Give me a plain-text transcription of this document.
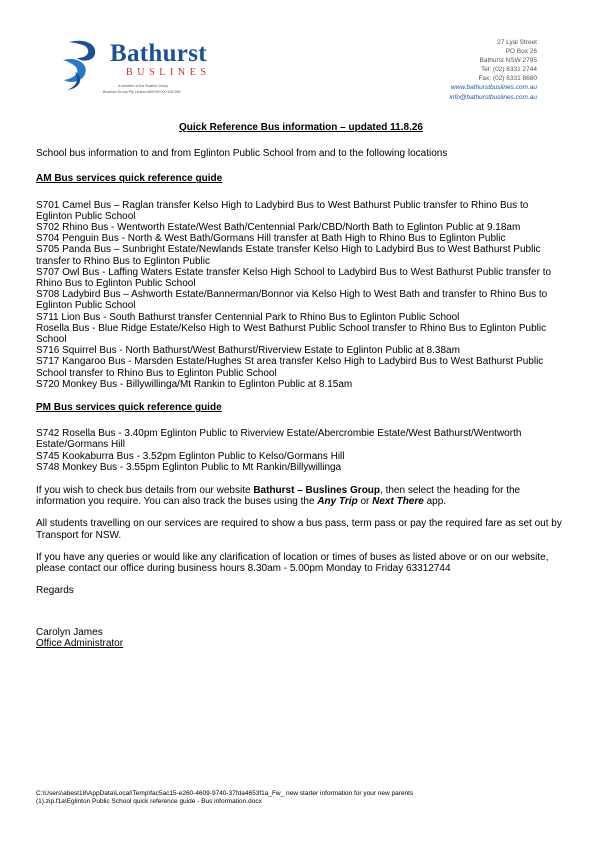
Bathurst
BUSLINES
A member of the Busline Group
Buslines Group Pty Limited ABN 99 000 518 289
27 Lyal Street
PO Box 26
Bathurst NSW 2795
Tel: (02) 6331 2744
Fax: (02) 6331 8680
www.bathurstbuslines.com.au
info@bathurstbuslines.com.au

Quick Reference Bus information – updated 11.8.26

School bus information to and from Eglinton Public School from and to the following locations

AM Bus services quick reference guide

S701 Camel Bus – Raglan transfer Kelso High to Ladybird Bus to West Bathurst Public transfer to Rhino Bus to Eglinton Public School

S702 Rhino Bus - Wentworth Estate/West Bath/Centennial Park/CBD/North Bath to Eglinton Public at 9.18am

S704 Penguin Bus - North & West Bath/Gormans Hill transfer at Bath High to Rhino Bus to Eglinton Public

S705 Panda Bus – Sunbright Estate/Newlands Estate transfer Kelso High to Ladybird Bus to West Bathurst Public transfer to Rhino Bus to Eglinton Public

S707 Owl Bus - Laffing Waters Estate transfer Kelso High School to Ladybird Bus to West Bathurst Public transfer to Rhino Bus to Eglinton Public School

S708 Ladybird Bus – Ashworth Estate/Bannerman/Bonnor via Kelso High to West Bath and transfer to Rhino Bus to Eglinton Public School

S711 Lion Bus - South Bathurst transfer Centennial Park to Rhino Bus to Eglinton Public School

Rosella Bus - Blue Ridge Estate/Kelso High to West Bathurst Public School transfer to Rhino Bus to Eglinton Public School

S716 Squirrel Bus - North Bathurst/West Bathurst/Riverview Estate to Eglinton Public at 8.38am

S717 Kangaroo Bus - Marsden Estate/Hughes St area transfer Kelso High to Ladybird Bus to West Bathurst Public School transfer to Rhino Bus to Eglinton Public School

S720 Monkey Bus - Billywillinga/Mt Rankin to Eglinton Public at 8.15am

PM Bus services quick reference guide

S742 Rosella Bus - 3.40pm Eglinton Public to Riverview Estate/Abercrombie Estate/West Bathurst/Wentworth Estate/Gormans Hill

S745 Kookaburra Bus - 3.52pm Eglinton Public to Kelso/Gormans Hill

S748 Monkey Bus - 3.55pm Eglinton Public to Mt Rankin/Billywillinga

If you wish to check bus details from our website Bathurst – Buslines Group, then select the heading for the information you require. You can also track the buses using the Any Trip or Next There app.

All students travelling on our services are required to show a bus pass, term pass or pay the required fare as set out by Transport for NSW.

If you have any queries or would like any clarification of location or times of buses as listed above or on our website, please contact our office during business hours 8.30am - 5.00pm Monday to Friday 63312744

Regards

Carolyn James

Office Administrator

C:\Users\abest18\AppData\Local\Temp\fac5ac15-e260-4609-9740-37fda4653f1a_Fw_ new starter information for your new parents
(1).zip.f1a\Eglinton Public School quick reference guide - Bus information.docx
